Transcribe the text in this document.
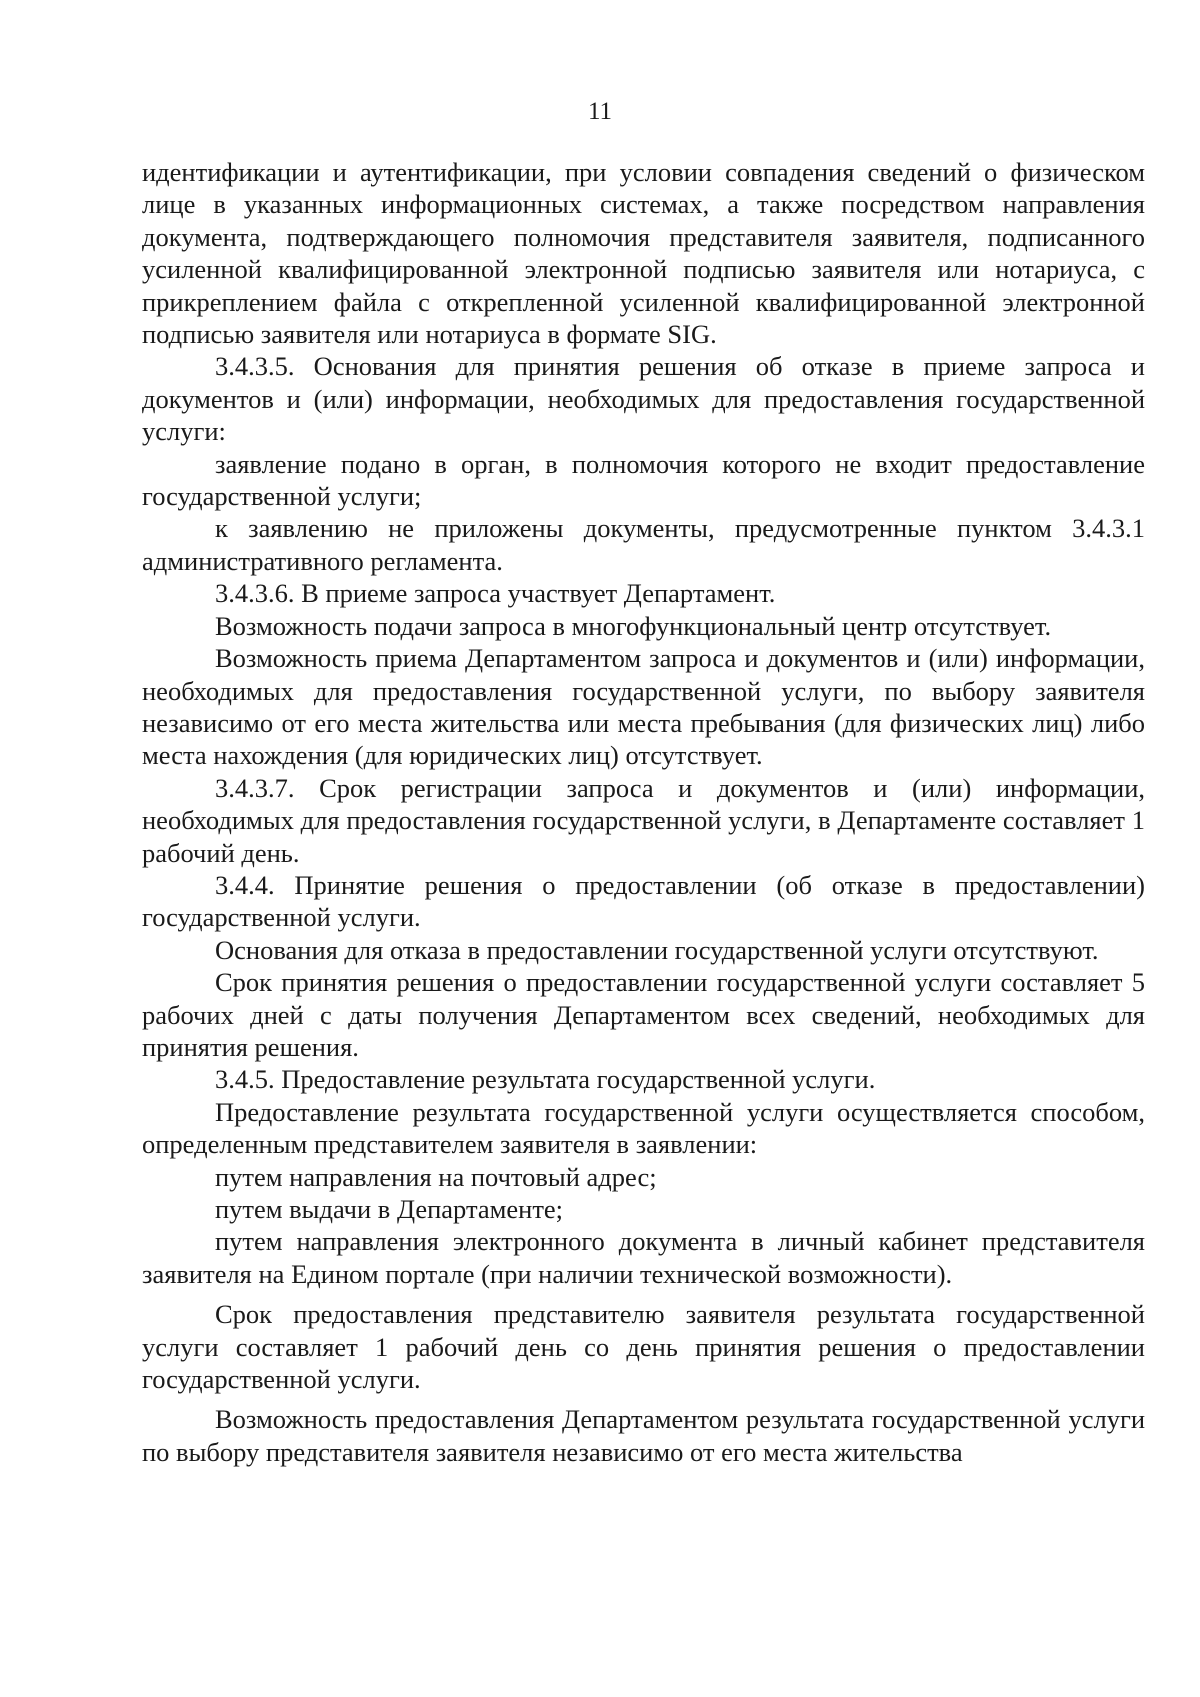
11

идентификации и аутентификации, при условии совпадения сведений о физическом лице в указанных информационных системах, а также посредством направления документа, подтверждающего полномочия представителя заявителя, подписанного усиленной квалифицированной электронной подписью заявителя или нотариуса, с прикреплением файла с открепленной усиленной квалифицированной электронной подписью заявителя или нотариуса в формате SIG.

3.4.3.5. Основания для принятия решения об отказе в приеме запроса и документов и (или) информации, необходимых для предоставления государственной услуги:

заявление подано в орган, в полномочия которого не входит предоставление государственной услуги;

к заявлению не приложены документы, предусмотренные пунктом 3.4.3.1 административного регламента.

3.4.3.6. В приеме запроса участвует Департамент.

Возможность подачи запроса в многофункциональный центр отсутствует.

Возможность приема Департаментом запроса и документов и (или) информации, необходимых для предоставления государственной услуги, по выбору заявителя независимо от его места жительства или места пребывания (для физических лиц) либо места нахождения (для юридических лиц) отсутствует.

3.4.3.7. Срок регистрации запроса и документов и (или) информации, необходимых для предоставления государственной услуги, в Департаменте составляет 1 рабочий день.

3.4.4. Принятие решения о предоставлении (об отказе в предоставлении) государственной услуги.

Основания для отказа в предоставлении государственной услуги отсутствуют.

Срок принятия решения о предоставлении государственной услуги составляет 5 рабочих дней с даты получения Департаментом всех сведений, необходимых для принятия решения.

3.4.5. Предоставление результата государственной услуги.

Предоставление результата государственной услуги осуществляется способом, определенным представителем заявителя в заявлении:

путем направления на почтовый адрес;

путем выдачи в Департаменте;

путем направления электронного документа в личный кабинет представителя заявителя на Едином портале (при наличии технической возможности).

Срок предоставления представителю заявителя результата государственной услуги составляет 1 рабочий день со день принятия решения о предоставлении государственной услуги.

Возможность предоставления Департаментом результата государственной услуги по выбору представителя заявителя независимо от его места жительства
